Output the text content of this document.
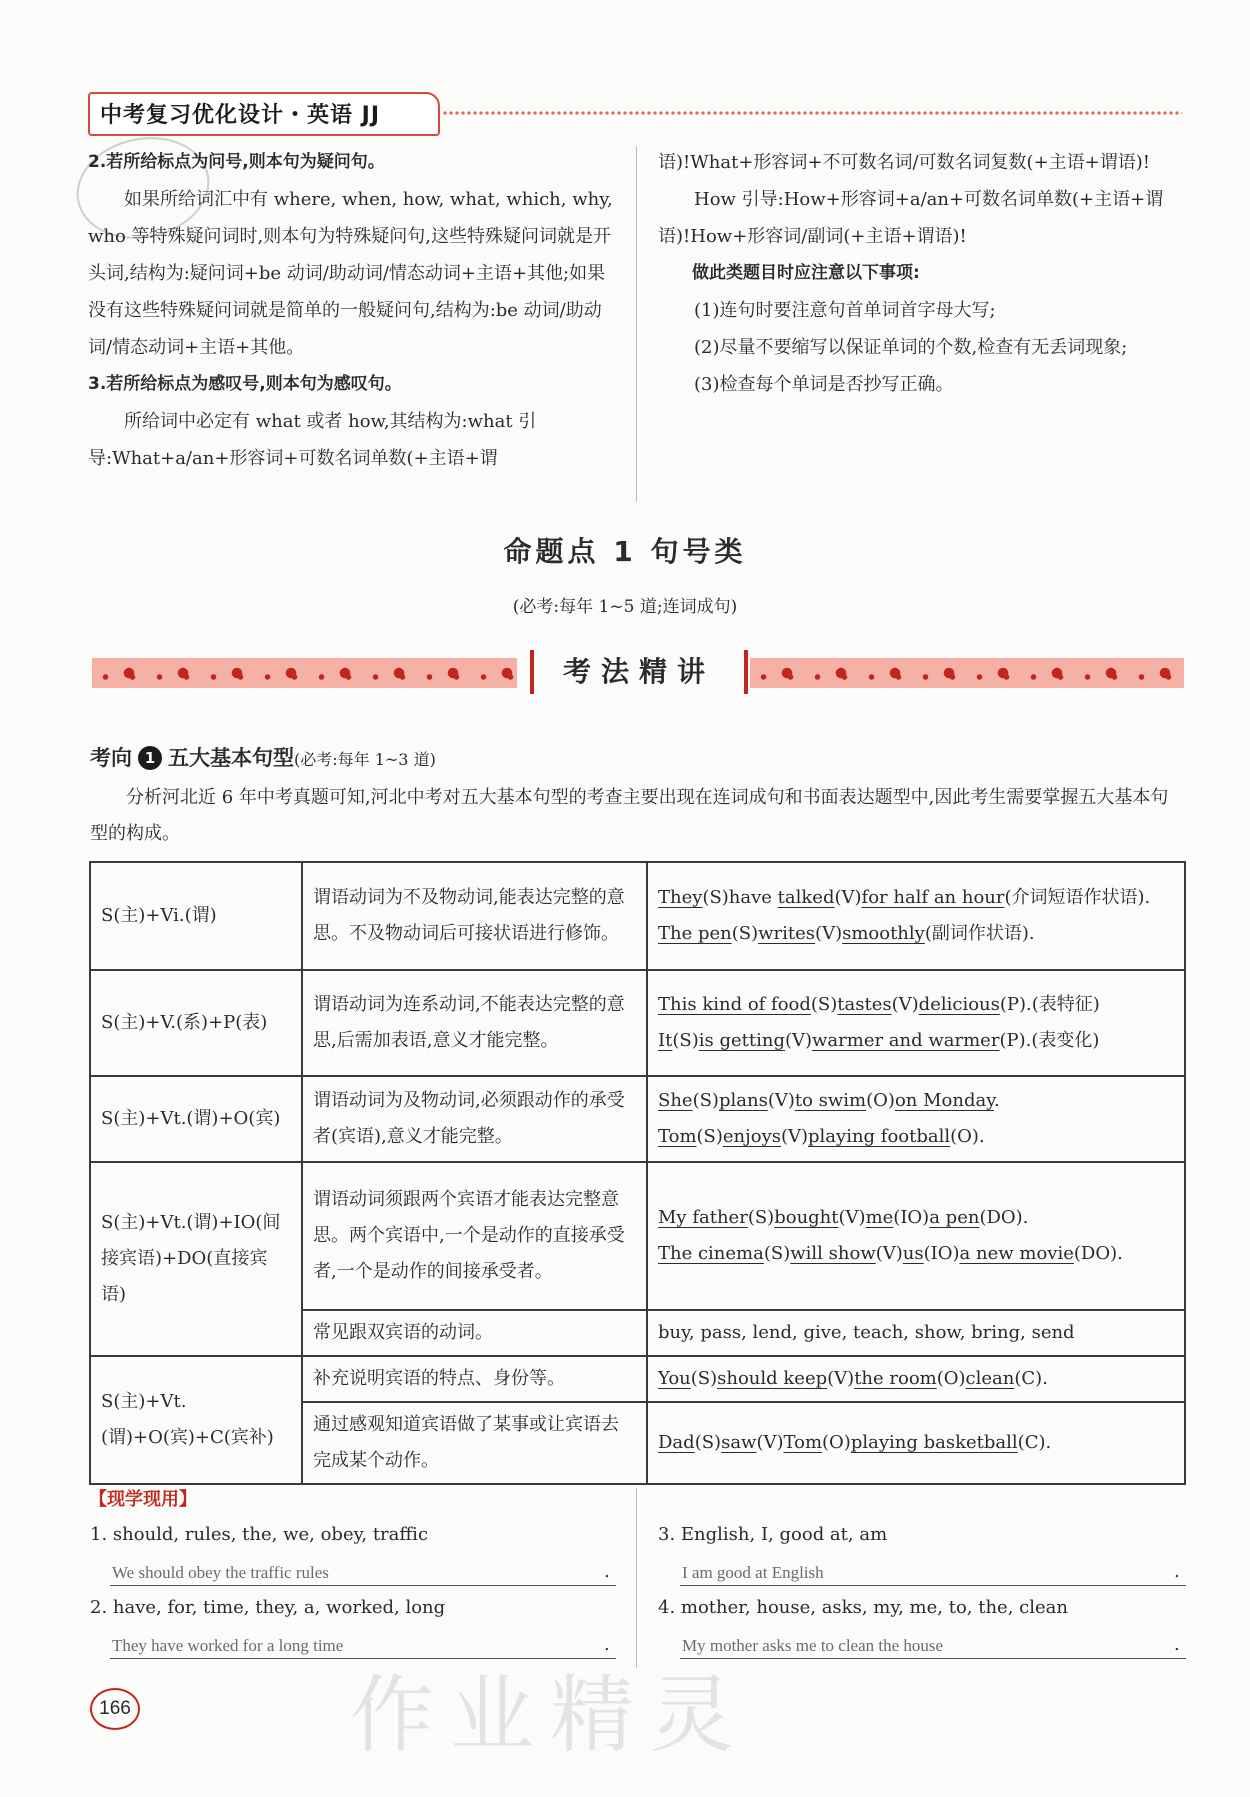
中考复习优化设计・英语 JJ

2.若所给标点为问号,则本句为疑问句。

如果所给词汇中有 where, when, how, what, which, why, who 等特殊疑问词时,则本句为特殊疑问句,这些特殊疑问词就是开头词,结构为:疑问词+be 动词/助动词/情态动词+主语+其他;如果没有这些特殊疑问词就是简单的一般疑问句,结构为:be 动词/助动词/情态动词+主语+其他。

3.若所给标点为感叹号,则本句为感叹句。

所给词中必定有 what 或者 how,其结构为:what 引导:What+a/an+形容词+可数名词单数(+主语+谓

语)!What+形容词+不可数名词/可数名词复数(+主语+谓语)!

How 引导:How+形容词+a/an+可数名词单数(+主语+谓语)!How+形容词/副词(+主语+谓语)!

做此类题目时应注意以下事项:

(1)连句时要注意句首单词首字母大写;

(2)尽量不要缩写以保证单词的个数,检查有无丢词现象;

(3)检查每个单词是否抄写正确。

命题点 1 句号类
(必考:每年 1~5 道;连词成句)
考法精讲
考向 1 五大基本句型(必考:每年 1~3 道)
分析河北近 6 年中考真题可知,河北中考对五大基本句型的考查主要出现在连词成句和书面表达题型中,因此考生需要掌握五大基本句型的构成。
S(主)+Vi.(谓)	谓语动词为不及物动词,能表达完整的意思。不及物动词后可接状语进行修饰。	They(S)have talked(V)for half an hour(介词短语作状语).
The pen(S)writes(V)smoothly(副词作状语).

S(主)+V.(系)+P(表)	谓语动词为连系动词,不能表达完整的意思,后需加表语,意义才能完整。	This kind of food(S)tastes(V)delicious(P).(表特征)
It(S)is getting(V)warmer and warmer(P).(表变化)

S(主)+Vt.(谓)+O(宾)	谓语动词为及物动词,必须跟动作的承受者(宾语),意义才能完整。	She(S)plans(V)to swim(O)on Monday.
Tom(S)enjoys(V)playing football(O).

S(主)+Vt.(谓)+IO(间接宾语)+DO(直接宾语)	谓语动词须跟两个宾语才能表达完整意思。两个宾语中,一个是动作的直接承受者,一个是动作的间接承受者。	My father(S)bought(V)me(IO)a pen(DO).
The cinema(S)will show(V)us(IO)a new movie(DO).

	常见跟双宾语的动词。	buy, pass, lend, give, teach, show, bring, send
S(主)+Vt.(谓)+O(宾)+C(宾补)	补充说明宾语的特点、身份等。	You(S)should keep(V)the room(O)clean(C).

	通过感观知道宾语做了某事或让宾语去完成某个动作。	Dad(S)saw(V)Tom(O)playing basketball(C).
【现学现用】
1. should, rules, the, we, obey, traffic
We should obey the traffic rules	.
2. have, for, time, they, a, worked, long
They have worked for a long time	.
3. English, I, good at, am
I am good at English	.
4. mother, house, asks, my, me, to, the, clean
My mother asks me to clean the house	.
166	作业精灵
